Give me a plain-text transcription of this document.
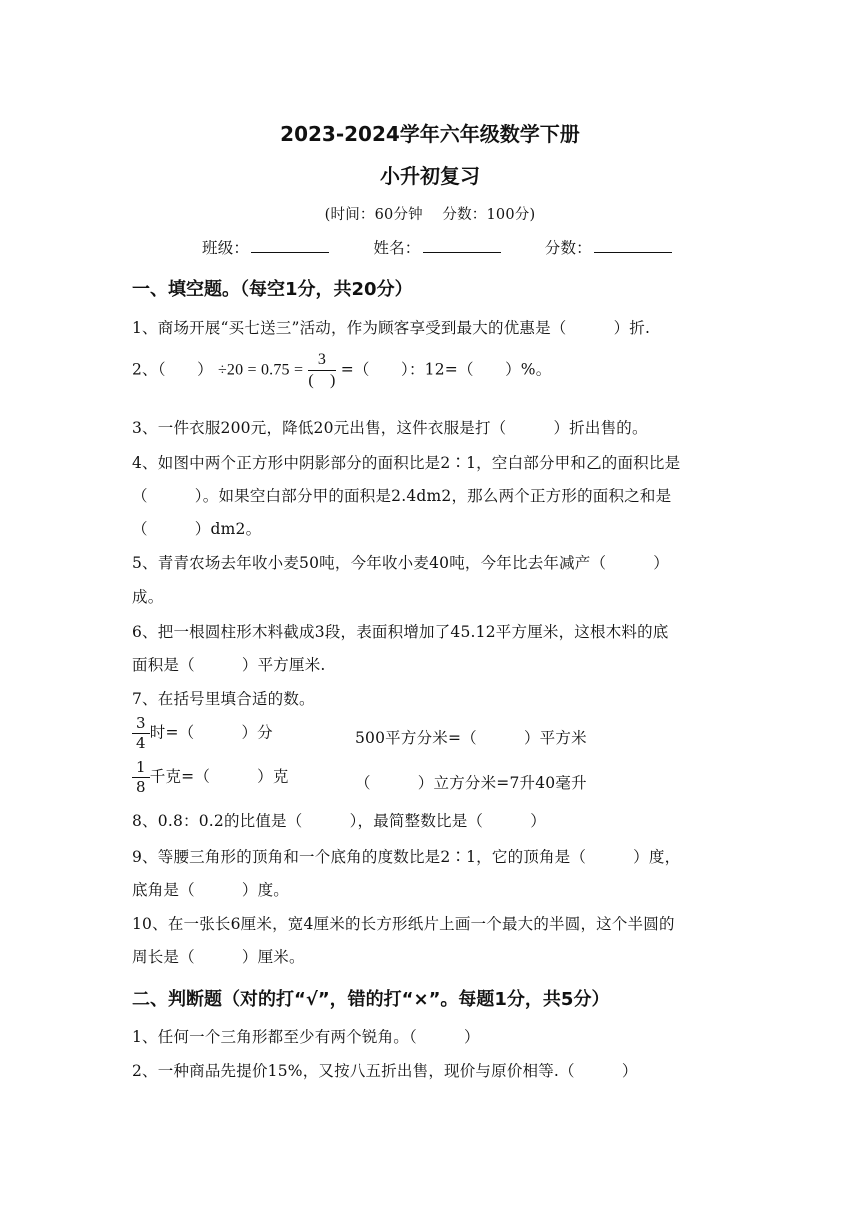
2023-2024学年六年级数学下册
小升初复习
(时间：60分钟　 分数：100分)
班级：	姓名：	分数：
一、填空题。（每空1分，共20分）
1、商场开展“买七送三”活动，作为顾客享受到最大的优惠是（　　　）折.
2、（　　） $\div 20 = 0.75 = \frac{3}{( )}$ =（　　）：12=（　　）%。
3、一件衣服200元，降低20元出售，这件衣服是打（　　　）折出售的。
4、如图中两个正方形中阴影部分的面积比是2∶1，空白部分甲和乙的面积比是
（　　　）。如果空白部分甲的面积是2.4dm2，那么两个正方形的面积之和是
（　　　）dm2。
5、青青农场去年收小麦50吨，今年收小麦40吨，今年比去年减产（　　　）
成。
6、把一根圆柱形木料截成3段，表面积增加了45.12平方厘米，这根木料的底
面积是（　　　）平方厘米.
7、在括号里填合适的数。
$\frac{3}{4}$ 时=（　　　）分	500平方分米=（　　　）平方米
$\frac{1}{8}$ 千克=（　　　）克	（　　　）立方分米=7升40毫升
8、0.8：0.2的比值是（　　　），最简整数比是（　　　）
9、等腰三角形的顶角和一个底角的度数比是2∶1，它的顶角是（　　　）度，
底角是（　　　）度。
10、在一张长6厘米，宽4厘米的长方形纸片上画一个最大的半圆，这个半圆的
周长是（　　　）厘米。
二、判断题（对的打“√”，错的打“×”。每题1分，共5分）
1、任何一个三角形都至少有两个锐角。（　　　）
2、一种商品先提价15%，又按八五折出售，现价与原价相等.（　　　）
